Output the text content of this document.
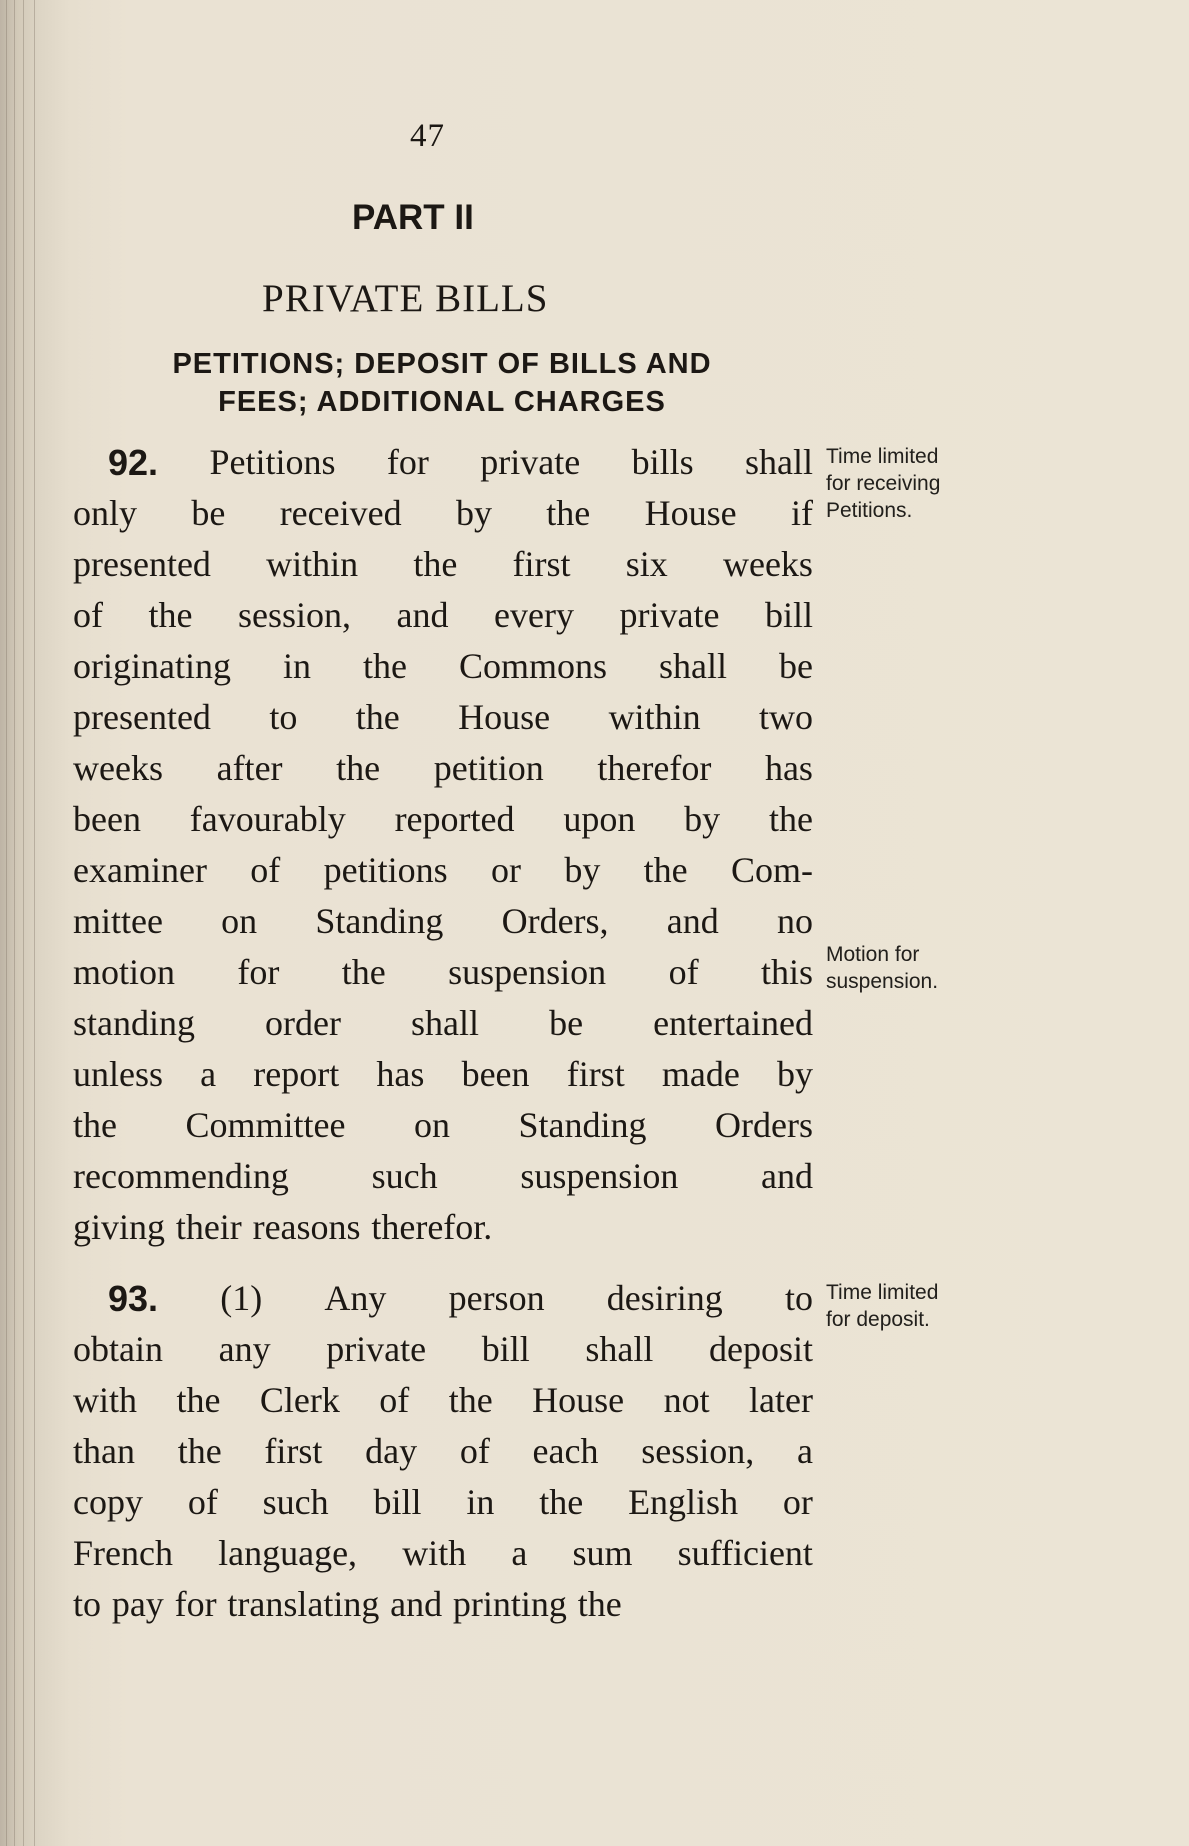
47
PART II
PRIVATE BILLS
PETITIONS; DEPOSIT OF BILLS AND
FEES; ADDITIONAL CHARGES
92. Petitions for private bills shall
only be received by the House if
presented within the first six weeks
of the session, and every private bill
originating in the Commons shall be
presented to the House within two
weeks after the petition therefor has
been favourably reported upon by the
examiner of petitions or by the Com-
mittee on Standing Orders, and no
motion for the suspension of this
standing order shall be entertained
unless a report has been first made by
the Committee on Standing Orders
recommending such suspension and
giving their reasons therefor.
93. (1) Any person desiring to
obtain any private bill shall deposit
with the Clerk of the House not later
than the first day of each session, a
copy of such bill in the English or
French language, with a sum sufficient
to pay for translating and printing the
Time limited
for receiving
Petitions.
Motion for
suspension.
Time limited
for deposit.
